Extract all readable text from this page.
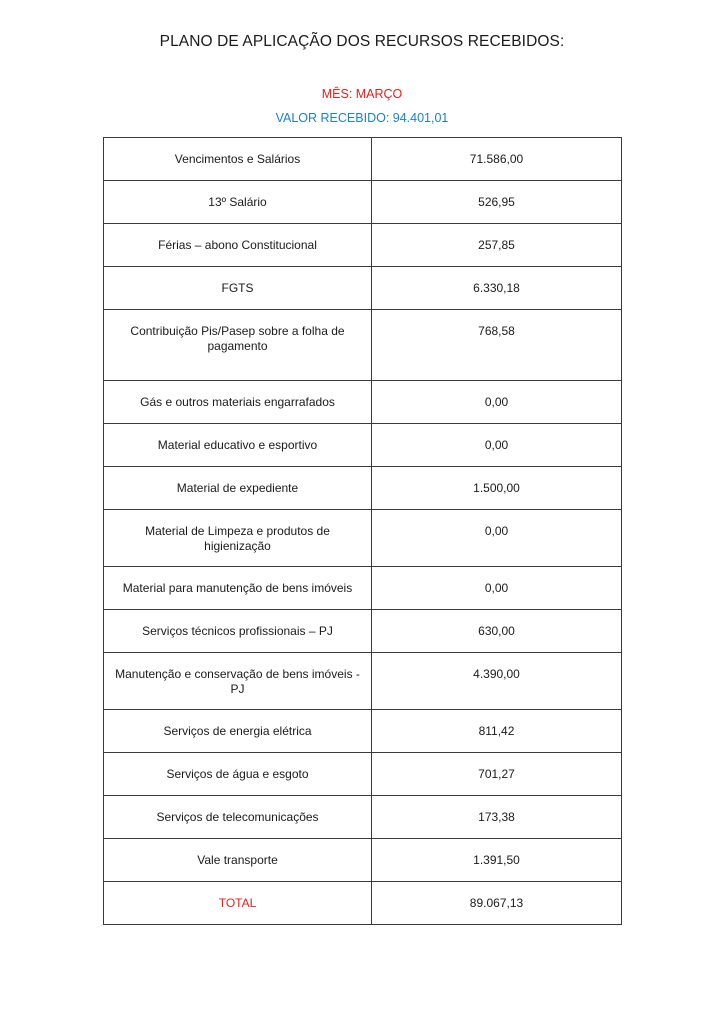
PLANO DE APLICAÇÃO DOS RECURSOS RECEBIDOS:
MÊS: MARÇO
VALOR RECEBIDO: 94.401,01
Vencimentos e Salários	71.586,00
13º Salário	526,95
Férias – abono Constitucional	257,85
FGTS	6.330,18
Contribuição Pis/Pasep sobre a folha de pagamento	768,58
Gás e outros materiais engarrafados	0,00
Material educativo e esportivo	0,00
Material de expediente	1.500,00
Material de Limpeza e produtos de higienização	0,00
Material para manutenção de bens imóveis	0,00
Serviços técnicos profissionais – PJ	630,00
Manutenção e conservação de bens imóveis - PJ	4.390,00
Serviços de energia elétrica	811,42
Serviços de água e esgoto	701,27
Serviços de telecomunicações	173,38
Vale transporte	1.391,50
TOTAL	89.067,13
